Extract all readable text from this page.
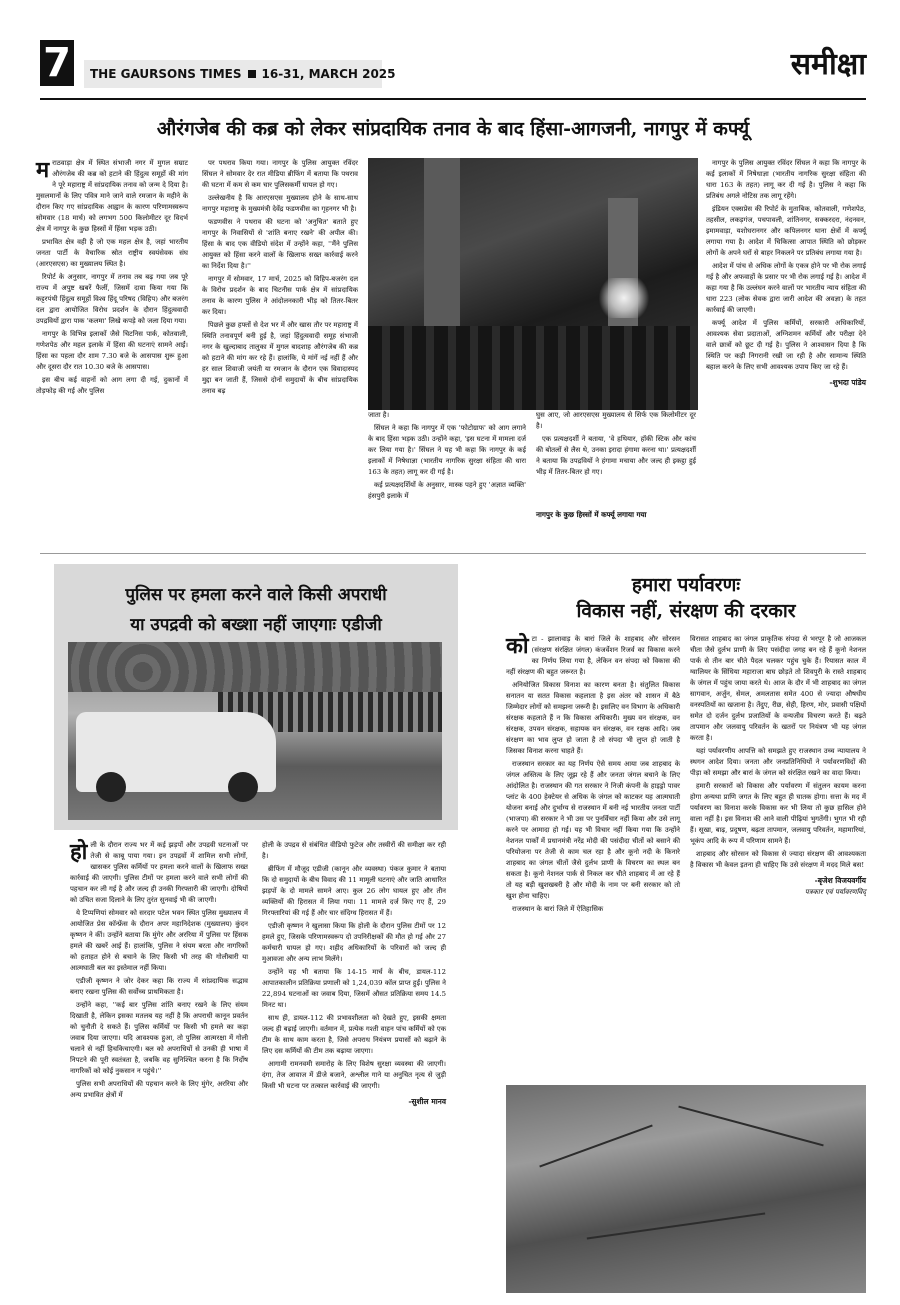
7	THE GAURSONS TIMES 16-31, MARCH 2025	समीक्षा
औरंगजेब की कब्र को लेकर सांप्रदायिक तनाव के बाद हिंसा-आगजनी, नागपुर में कर्फ्यू

मराठवाड़ा क्षेत्र में स्थित संभाजी नगर में मुगल सम्राट औरंगजेब की कब्र को हटाने की हिंदुत्व समूहों की मांग ने पूरे महाराष्ट्र में सांप्रदायिक तनाव को जन्म दे दिया है। मुसलमानों के लिए पवित्र माने जाने वाले रमजान के महीने के दौरान किए गए सांप्रदायिक आह्वान के कारण परिणामस्वरूप सोमवार (18 मार्च) को लगभग 500 किलोमीटर दूर विदर्भ क्षेत्र में नागपुर के कुछ हिस्सों में हिंसा भड़क उठी।

प्रभावित क्षेत्र वही है जो एक महल क्षेत्र है, जहां भारतीय जनता पार्टी के वैचारिक स्रोत राष्ट्रीय स्वयंसेवक संघ (आरएसएस) का मुख्यालय स्थित है।

रिपोर्ट के अनुसार, नागपुर में तनाव तब बढ़ गया जब पूरे राज्य में अपुष्ट खबरें फैलीं, जिसमें दावा किया गया कि कट्टरपंथी हिंदुत्व समूहों विश्व हिंदू परिषद (विहिप) और बजरंग दल द्वारा आयोजित विरोध प्रदर्शन के दौरान हिंदुत्ववादी उपद्रवियों द्वारा पाक 'कलमा' लिखे कपड़े को जला दिया गया।

नागपुर के विभिन्न इलाकों जैसे चिटनिस पार्क, कोतवाली, गणेशपेठ और महल इलाके में हिंसा की घटनाएं सामने आईं। हिंसा का पहला दौर शाम 7.30 बजे के आसपास शुरू हुआ और दूसरा दौर रात 10.30 बजे के आसपास।

इस बीच कई वाहनों को आग लगा दी गई, दुकानों में तोड़फोड़ की गई और पुलिस

पर पथराव किया गया। नागपुर के पुलिस आयुक्त रविंदर सिंघल ने सोमवार देर रात मीडिया ब्रीफिंग में बताया कि पथराव की घटना में कम से कम चार पुलिसकर्मी घायल हो गए।

उल्लेखनीय है कि आरएसएस मुख्यालय होने के साथ-साथ नागपुर महाराष्ट्र के मुख्यमंत्री देवेंद्र फडणवीस का गृहनगर भी है।

फडणवीस ने पथराव की घटना को 'अनुचित' बताते हुए नागपुर के निवासियों से 'शांति बनाए रखने' की अपील की। हिंसा के बाद एक वीडियो संदेश में उन्होंने कहा, ''मैंने पुलिस आयुक्त को हिंसा करने वालों के खिलाफ सख्त कार्रवाई करने का निर्देश दिया है।''

नागपुर में सोमवार, 17 मार्च, 2025 को विहिप-बजरंग दल के विरोध प्रदर्शन के बाद चिटनीस पार्क क्षेत्र में सांप्रदायिक तनाव के कारण पुलिस ने आंदोलनकारी भीड़ को तितर-बितर कर दिया।

पिछले कुछ हफ्तों से देश भर में और खास तौर पर महाराष्ट्र में स्थिति तनावपूर्ण बनी हुई है, जहां हिंदुत्ववादी समूह संभाजी नगर के खुल्दाबाद तालुका में मुगल बादशाह औरंगजेब की कब्र को हटाने की मांग कर रहे हैं। हालांकि, ये मांगें नई नहीं हैं और हर साल शिवाजी जयंती या रमजान के दौरान एक विवादास्पद मुद्दा बन जाती हैं, जिससे दोनों समुदायों के बीच सांप्रदायिक तनाव बढ़

जाता है।

सिंघल ने कहा कि नागपुर में एक 'फोटोग्राफ' को आग लगाने के बाद हिंसा भड़क उठी। उन्होंने कहा, 'इस घटना में मामला दर्ज कर लिया गया है।' सिंघल ने यह भी कहा कि नागपुर के कई इलाकों में निषेधाज्ञा (भारतीय नागरिक सुरक्षा संहिता की धारा 163 के तहत) लागू कर दी गई है।

कई प्रत्यक्षदर्शियों के अनुसार, मास्क पहने हुए 'अज्ञात व्यक्ति' हंसपुरी इलाके में

घुस आए, जो आरएसएस मुख्यालय से सिर्फ एक किलोमीटर दूर है।

एक प्रत्यक्षदर्शी ने बताया, 'वे हथियार, हॉकी स्टिक और कांच की बोतलों से लैस थे, उनका इरादा हंगामा करना था।' प्रत्यक्षदर्शी ने बताया कि उपद्रवियों ने हंगामा मचाया और जल्द ही इकट्ठा हुई भीड़ में तितर-बितर हो गए।

नागपुर के कुछ हिस्सों में कर्फ्यू लगाया गया

नागपुर के पुलिस आयुक्त रविंदर सिंघल ने कहा कि नागपुर के कई इलाकों में निषेधाज्ञा (भारतीय नागरिक सुरक्षा संहिता की धारा 163 के तहत) लागू कर दी गई है। पुलिस ने कहा कि प्रतिबंध अगले नोटिस तक लागू रहेंगे।

इंडियन एक्सप्रेस की रिपोर्ट के मुताबिक, कोतवाली, गणेशपेठ, तहसील, लकड़गंज, पचपावली, शांतिनगर, सक्करदरा, नंदनवन, इमामवाड़ा, यशोधरानगर और कपिलनगर थाना क्षेत्रों में कर्फ्यू लगाया गया है। आदेश में चिकित्सा आपात स्थिति को छोड़कर लोगों के अपने घरों से बाहर निकलने पर प्रतिबंध लगाया गया है।

आदेश में पांच से अधिक लोगों के एकत्र होने पर भी रोक लगाई गई है और अफवाहों के प्रसार पर भी रोक लगाई गई है। आदेश में कहा गया है कि उल्लंघन करने वालों पर भारतीय न्याय संहिता की धारा 223 (लोक सेवक द्वारा जारी आदेश की अवज्ञा) के तहत कार्रवाई की जाएगी।

कर्फ्यू आदेश में पुलिस कर्मियों, सरकारी अधिकारियों, आवश्यक सेवा प्रदाताओं, अग्निशमन कर्मियों और परीक्षा देने वाले छात्रों को छूट दी गई है। पुलिस ने आश्वासन दिया है कि स्थिति पर कड़ी निगरानी रखी जा रही है और सामान्य स्थिति बहाल करने के लिए सभी आवश्यक उपाय किए जा रहे हैं।

-शुभदा पांडेय
पुलिस पर हमला करने वाले किसी अपराधी
या उपद्रवी को बख्शा नहीं जाएगाः एडीजी

होली के दौरान राज्य भर में कई झड़पों और उपद्रवी घटनाओं पर तेजी से काबू पाया गया। इन उपद्रवों में शामिल सभी लोगों, खासकर पुलिस कर्मियों पर हमला करने वालों के खिलाफ सख्त कार्रवाई की जाएगी। पुलिस टीमों पर हमला करने वाले सभी लोगों की पहचान कर ली गई है और जल्द ही उनकी गिरफ्तारी की जाएगी। दोषियों को उचित सजा दिलाने के लिए तुरंत सुनवाई भी की जाएगी।

ये टिप्पणियां सोमवार को सरदार पटेल भवन स्थित पुलिस मुख्यालय में आयोजित प्रेस कॉन्फ्रेंस के दौरान अपर महानिदेशक (मुख्यालय) कुंदन कृष्णन ने कीं। उन्होंने बताया कि मुंगेर और अररिया में पुलिस पर हिंसक हमले की खबरें आई हैं। हालांकि, पुलिस ने संयम बरता और नागरिकों को हताहत होने से बचाने के लिए किसी भी तरह की गोलीबारी या आत्मघाती बल का इस्तेमाल नहीं किया।

एडीजी कृष्णन ने जोर देकर कहा कि राज्य में सांप्रदायिक सद्भाव बनाए रखना पुलिस की सर्वोच्च प्राथमिकता है।

उन्होंने कहा, ''कई बार पुलिस शांति बनाए रखने के लिए संयम दिखाती है, लेकिन इसका मतलब यह नहीं है कि अपराधी कानून प्रवर्तन को चुनौती दे सकते हैं। पुलिस कर्मियों पर किसी भी हमले का कड़ा जवाब दिया जाएगा। यदि आवश्यक हुआ, तो पुलिस आत्मरक्षा में गोली चलाने से नहीं हिचकिचाएगी। बल को अपराधियों से उनकी ही भाषा में निपटने की पूरी स्वतंत्रता है, जबकि वह सुनिश्चित करना है कि निर्दोष नागरिकों को कोई नुकसान न पहुंचे।''

पुलिस सभी अपराधियों की पहचान करने के लिए मुंगेर, अररिया और अन्य प्रभावित क्षेत्रों में

होली के उपद्रव से संबंधित वीडियो फुटेज और तस्वीरों की समीक्षा कर रही है।

ब्रीफिंग में मौजूद एडीजी (कानून और व्यवस्था) पंकज कुमार ने बताया कि दो समुदायों के बीच विवाद की 11 मामूली घटनाएं और जाति आधारित झड़पों के दो मामले सामने आए। कुल 26 लोग घायल हुए और तीन व्यक्तियों की हिरासत में लिया गया। 11 मामले दर्ज किए गए हैं, 29 गिरफ्तारियां की गई हैं और चार संदिग्ध हिरासत में हैं।

एडीजी कृष्णन ने खुलासा किया कि होली के दौरान पुलिस टीमों पर 12 हमले हुए, जिसके परिणामस्वरूप दो उपनिरीक्षकों की मौत हो गई और 27 कर्मचारी घायल हो गए। शहीद अधिकारियों के परिवारों को जल्द ही मुआवजा और अन्य लाभ मिलेंगे।

उन्होंने यह भी बताया कि 14-15 मार्च के बीच, डायल-112 आपातकालीन प्रतिक्रिया प्रणाली को 1,24,039 कॉल प्राप्त हुईं। पुलिस ने 22,894 घटनाओं का जवाब दिया, जिसमें औसत प्रतिक्रिया समय 14.5 मिनट था।

साथ ही, डायल-112 की प्रभावशीलता को देखते हुए, इसकी क्षमता जल्द ही बढ़ाई जाएगी। वर्तमान में, प्रत्येक गश्ती वाहन पांच कर्मियों को एक टीम के साथ काम करता है, जिसे अपराध नियंत्रण प्रयासों को बढ़ाने के लिए दस कर्मियों की टीम तक बढ़ाया जाएगा।

आगामी रामनवमी समारोह के लिए विशेष सुरक्षा व्यवस्था की जाएगी। दंगा, तेज आवाज में डीजे बजाने, अश्लील गाने या अनुचित नृत्य से जुड़ी किसी भी घटना पर तत्काल कार्रवाई की जाएगी।

-सुशील मानव
हमारा पर्यावरणः
विकास नहीं, संरक्षण की दरकार

कोटा - झालावाड़ के बारां जिले के शाहबाद और सोरसन (संरक्षण संरक्षित जंगल) कंजर्वेशन रिजर्व का विकास करने का निर्णय लिया गया है, लेकिन वन संपदा को विकास की नहीं संरक्षण की बहुत जरूरत है।

अनियोजित विकास विनाश का कारण बनता है। संतुलित विकास सनातन या सतत विकास कहलाता है इस अंतर को शासन में बैठे जिम्मेदार लोगों को समझना जरूरी है। इसलिए वन विभाग के अधिकारी संरक्षक कहलाते हैं न कि विकास अधिकारी। मुख्य वन संरक्षक, वन संरक्षक, उपवन संरक्षक, सहायक वन संरक्षक, वन रक्षक आदि। जब संरक्षण का भाव लुप्त हो जाता है तो संपदा भी लुप्त हो जाती है जिसका विनाश करना चाहते हैं।

राजस्थान सरकार का यह निर्णय ऐसे समय आया जब शाहबाद के जंगल अस्तित्व के लिए जूझ रहे हैं और जनता जंगल बचाने के लिए आंदोलित है। राजस्थान की गत सरकार ने निजी कंपनी के हाइड्रो पावर प्लांट के 400 हेक्टेयर से अधिक के जंगल को काटकर यह आत्मघाती योजना बनाई और दुर्भाग्य से राजस्थान में बनी नई भारतीय जनता पार्टी (भाजपा) की सरकार ने भी उस पर पुनर्विचार नहीं किया और उसे लागू करने पर आमादा हो गई। यह भी विचार नहीं किया गया कि उन्होंने नेशनल पार्कों में प्रधानमंत्री नरेंद्र मोदी की पसंदीदा चीतों को बसाने की परियोजना पर तेजी से काम चल रहा है और कूनो नदी के किनारे शाहबाद का जंगल चीतों जैसे दुर्लभ प्राणी के विचरण का स्थल बन सकता है। कूनो नेशनल पार्क से निकल कर चीते शाहबाद में आ रहे हैं तो यह बड़ी खुशखबरी है और मोदी के नाम पर बनी सरकार को तो खुश होना चाहिए।

राजस्थान के बारां जिले में ऐतिहासिक

विरासत शाहबाद का जंगल प्राकृतिक संपदा से भरपूर है जो आजकल चीता जैसे दुर्लभ प्राणी के लिए पसंदीदा जगह बन रहे हैं कूनो नेशनल पार्क से तीन बार चीते पैदल चलकर पहुंच चुके हैं। रियासत काल में ग्वालियर के सिंधिया महाराजा बाघ छोड़ते तो शिवपुरी के रास्ते शाहबाद के जंगल में पहुंच जाया करते थे। आज के दौर में भी शाहबाद का जंगल सागवान, अर्जुन, सेमल, अमलतास समेत 400 से ज्यादा औषधीय वनस्पतियों का खजाना है। तेंदुए, रीछ, सेही, हिरण, मोर, प्रवासी पक्षियों समेत दो दर्जन दुर्लभ प्रजातियों के वन्यजीव विचरण करते हैं। बढ़ते तापमान और जलवायु परिवर्तन के खतरों पर नियंत्रण भी यह जंगल करता है।

यहां पर्यावरणीय आपत्ति को समझते हुए राजस्थान उच्च न्यायालय ने स्थगन आदेश दिया। जनता और जनप्रतिनिधियों ने पर्यावरणविदों की पीड़ा को समझा और बारां के जंगल को संरक्षित रखने का वादा किया।

हमारी सरकारों को विकास और पर्यावरण में संतुलन कायम करना होगा अन्यथा प्राणि जगत के लिए बहुत ही घातक होगा। सत्ता के मद में पर्यावरण का विनाश करके विकास कर भी लिया तो कुछ हासिल होने वाला नहीं है। इस विनाश की आने वाली पीढ़ियां भुगतेंगी। भुगत भी रही हैं। सूखा, बाढ़, प्रदूषण, बढ़ता तापमान, जलवायु परिवर्तन, महामारियां, भूकंप आदि के रूप में परिणाम सामने हैं।

शाहबाद और सोरसन को विकास से ज्यादा संरक्षण की आवश्यकता है विकास भी केवल इतना ही चाहिए कि उसे संरक्षण में मदद मिले बस!

-बृजेश विजयवर्गीय
पत्रकार एवं पर्यावरणविद्
